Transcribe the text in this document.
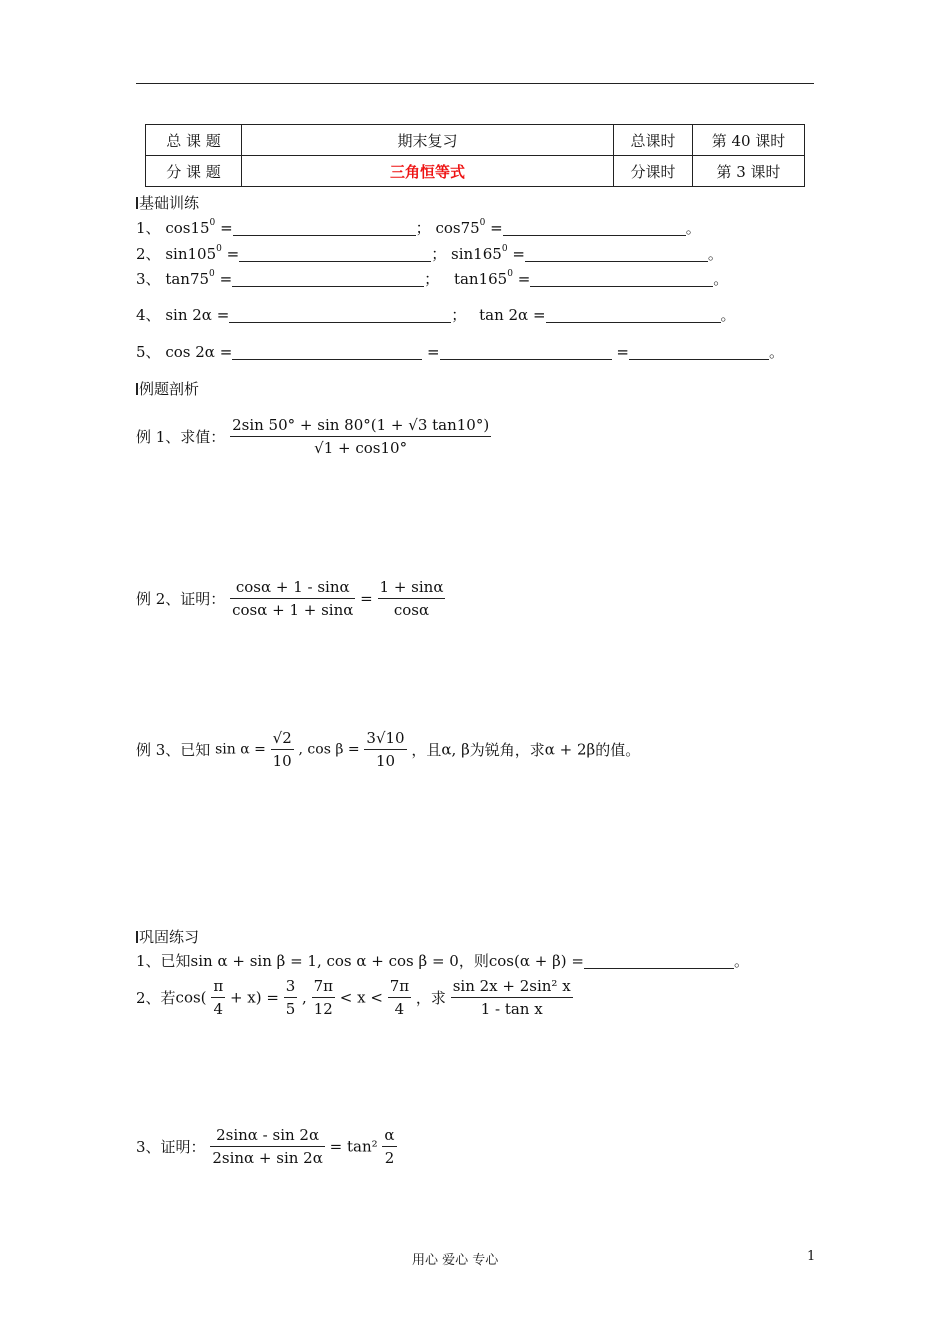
总 课 题	期末复习	总课时	第 40 课时
分 课 题	三角恒等式	分课时	第 3 课时
基础训练
1、 $\cos 15^0$ =	； $\cos 75^0$ =	。
2、 $\sin 105^0$ =	； $\sin 165^0$ =	。
3、 $\tan 75^0$ =	； $\tan 165^0$ =	。
4、 sin 2α =	； tan 2α =	。
5、 cos 2α =	=	=	。
例题剖析
例 1、求值： $\frac{2\sin 50^\circ + \sin 80^\circ(1 + √3 \tan 10^\circ)}{√1 + \cos 10^\circ}$
例 2、证明： $\frac{\cos\alpha + 1 - \sin\alpha}{\cos\alpha + 1 + \sin\alpha} = \frac{1 + \sin\alpha}{\cos\alpha}$
例 3、已知 $\sin \alpha = \frac{√2}{10}$ , $\cos \beta = \frac{3√10}{10}$ ，且α, β为锐角，求α + 2β的值。
巩固练习
1、已知sin α + sin β = 1, cos α + cos β = 0，则cos(α + β) =	。
2、若$\cos( \frac{\pi}{4} + x) = \frac{3}{5}$ , $\frac{7\pi}{12} < x < \frac{7\pi}{4}$ ，求 $\frac{\text{sin 2x + 2sin² x}}{\text{1 - tan x}}$
3、证明： $\frac{2\sin\alpha - \sin 2\alpha}{2\sin\alpha + \sin 2\alpha} = \tan^2 \frac{\alpha}{2}$
用心 爱心 专心	1
